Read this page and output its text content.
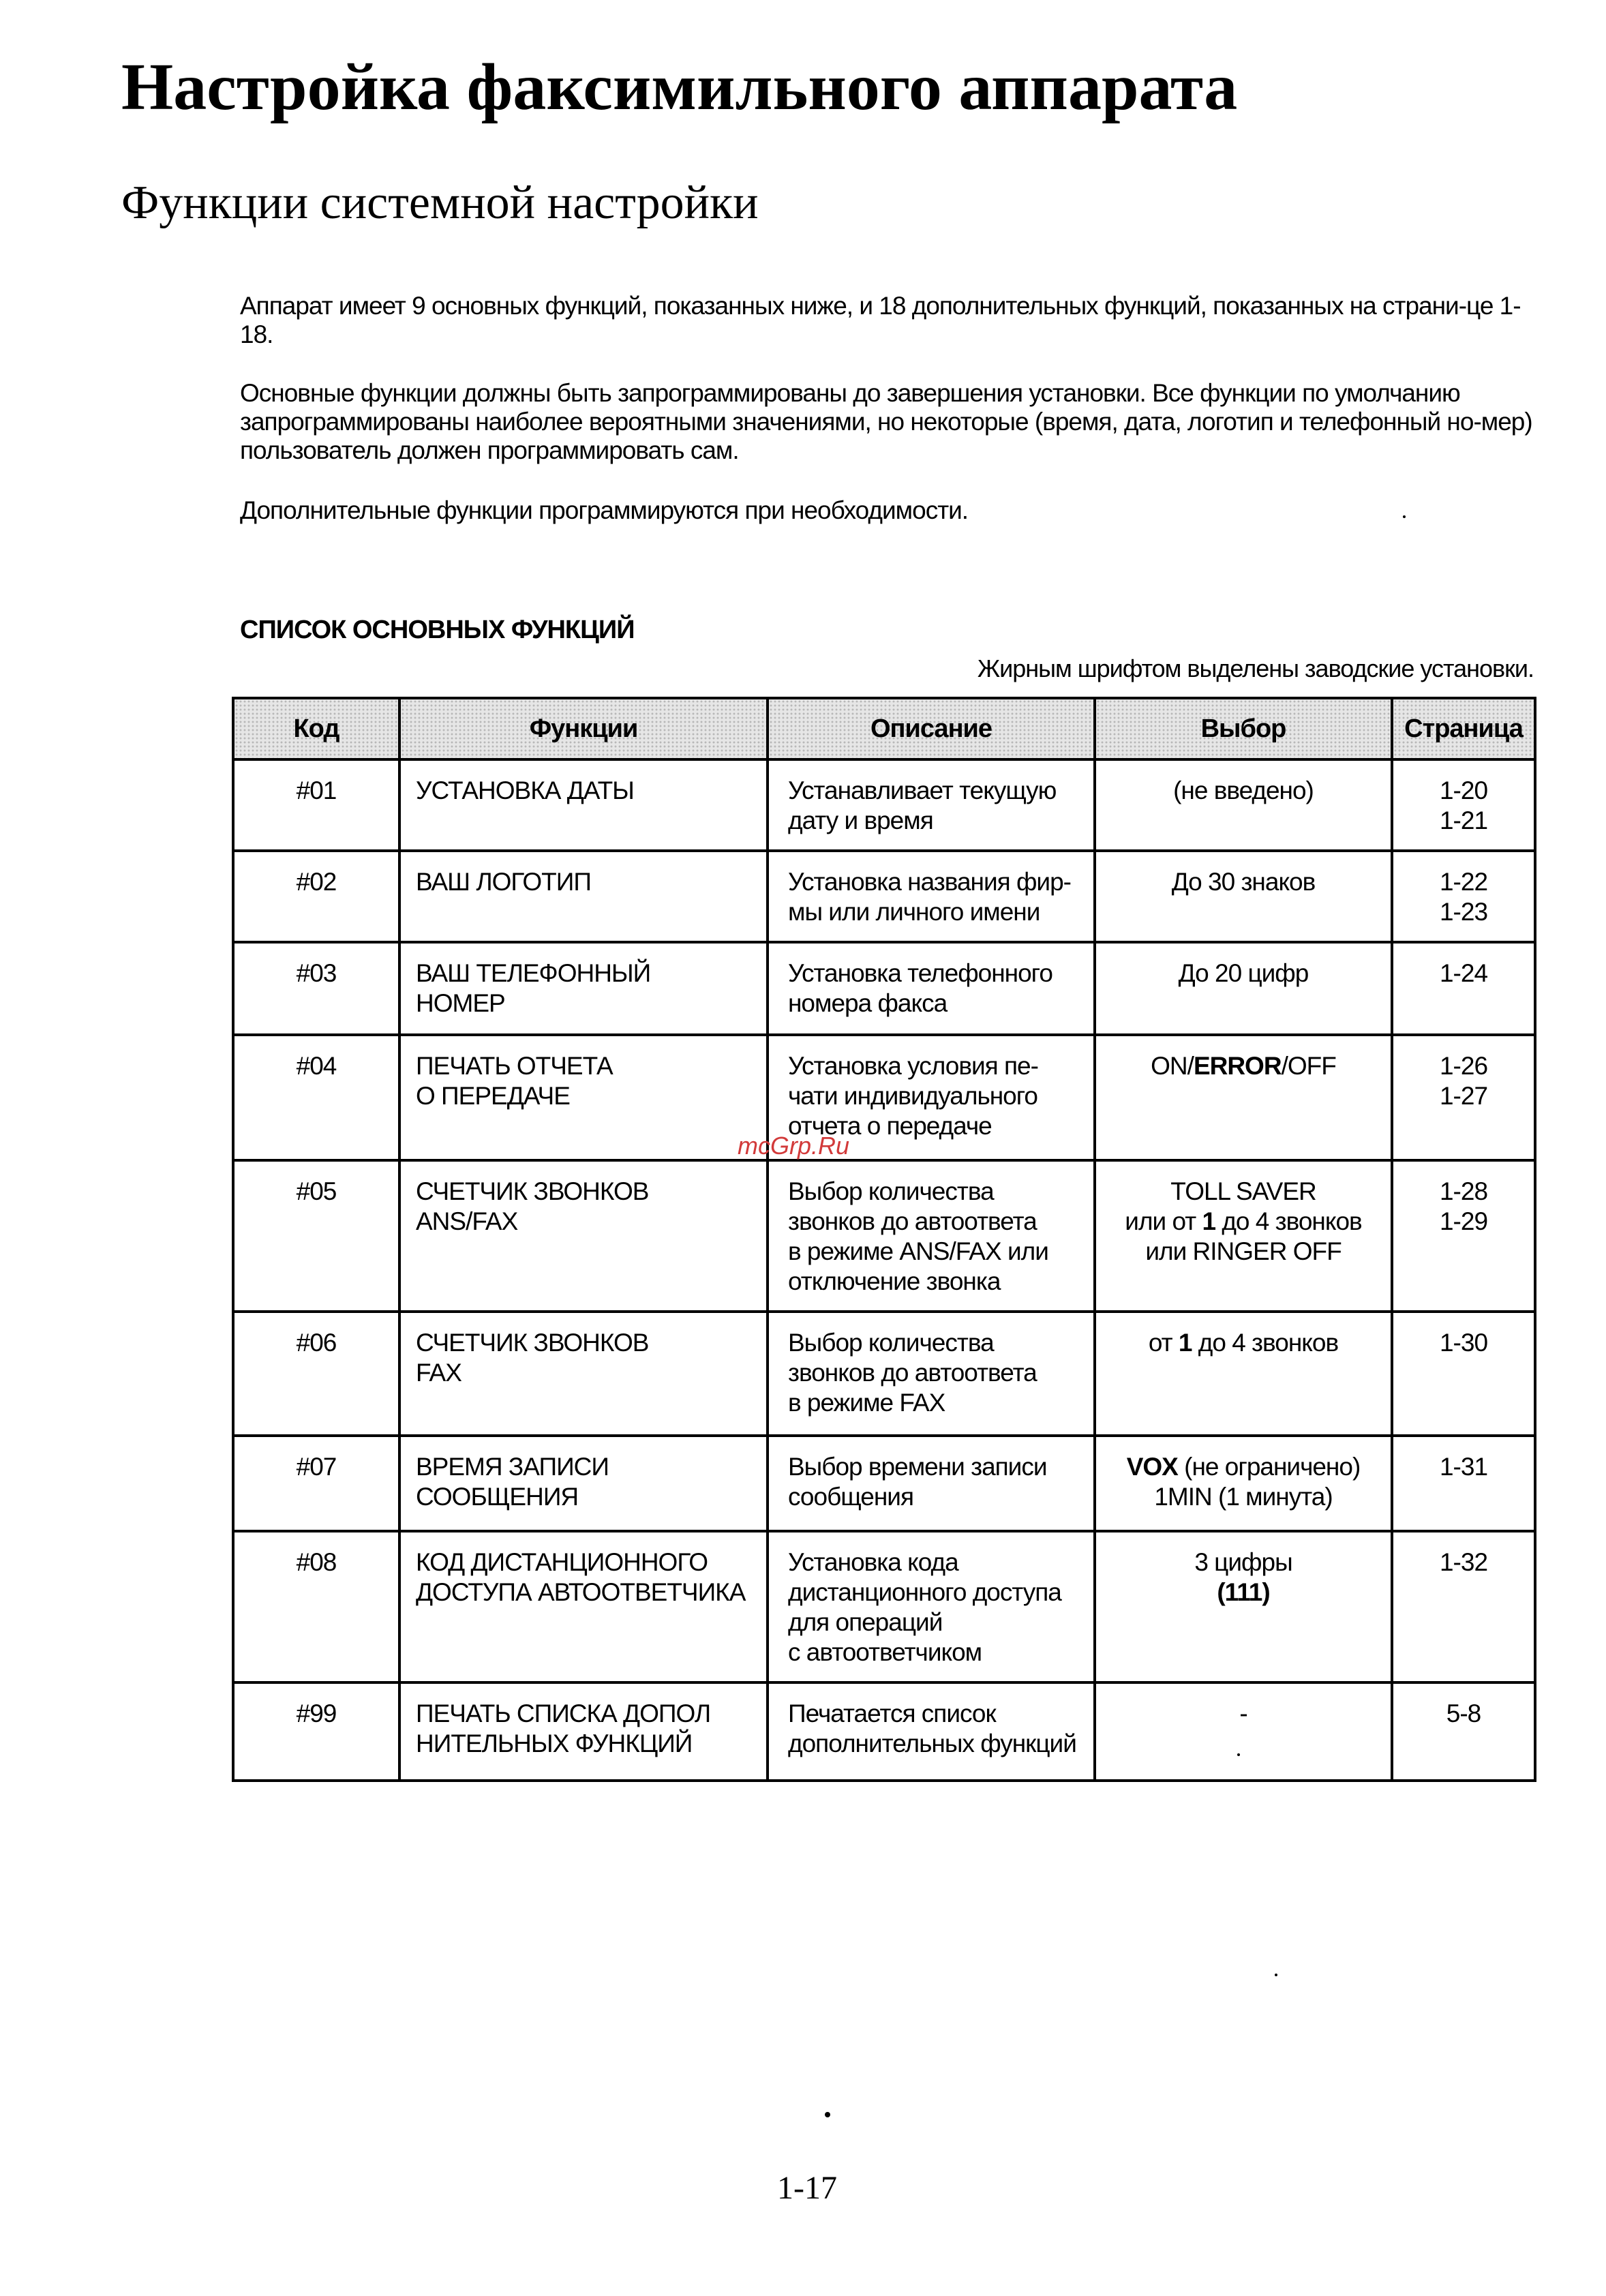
Настройка факсимильного аппарата
Функции системной настройки

Аппарат имеет 9 основных функций, показанных ниже, и 18 дополнительных функций, показанных на страни-це 1-18.

Основные функции должны быть запрограммированы до завершения установки. Все функции по умолчанию запрограммированы наиболее вероятными значениями, но некоторые (время, дата, логотип и телефонный но-мер) пользователь должен программировать сам.

Дополнительные функции программируются при необходимости.

СПИСОК ОСНОВНЫХ ФУНКЦИЙ

Жирным шрифтом выделены заводские установки.

Код	Функции	Описание	Выбор	Страница
#01	УСТАНОВКА ДАТЫ	Устанавливает текущую
дату и время	(не введено)	1-20
1-21

#02	ВАШ ЛОГОТИП	Установка названия фир-
мы или личного имени	До 30 знаков	1-22
1-23

#03	ВАШ ТЕЛЕФОННЫЙ
НОМЕР	Установка телефонного
номера факса	До 20 цифр	1-24

#04	ПЕЧАТЬ ОТЧЕТА
О ПЕРЕДАЧЕ	Установка условия пе-
чати индивидуального
отчета о передаче	ON/ERROR/OFF	1-26
1-27

#05	СЧЕТЧИК ЗВОНКОВ
ANS/FAX	Выбор количества
звонков до автоответа
в режиме ANS/FAX или
отключение звонка	TOLL SAVER
или от 1 до 4 звонков
или RINGER OFF	1-28
1-29

#06	СЧЕТЧИК ЗВОНКОВ
FAX	Выбор количества
звонков до автоответа
в режиме FAX	от 1 до 4 звонков	1-30

#07	ВРЕМЯ ЗАПИСИ
СООБЩЕНИЯ	Выбор времени записи
сообщения	VOX (не ограничено)
1MIN (1 минута)	1-31

#08	КОД ДИСТАНЦИОННОГО
ДОСТУПА АВТООТВЕТЧИКА	Установка кода
дистанционного доступа
для операций
с автоответчиком	3 цифры
(111)	1-32

#99	ПЕЧАТЬ СПИСКА ДОПОЛ
НИТЕЛЬНЫХ ФУНКЦИЙ	Печатается список
дополнительных функций	-	5-8
mcGrp.Ru
1-17
